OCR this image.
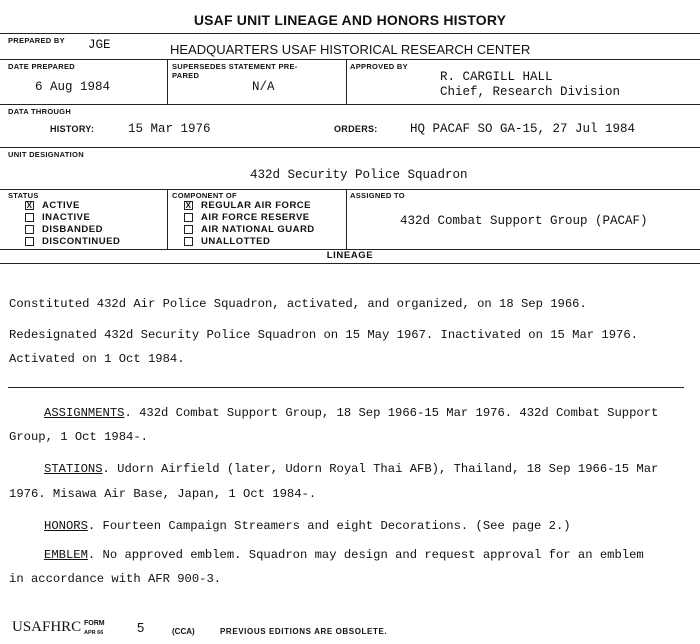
USAF UNIT LINEAGE AND HONORS HISTORY
PREPARED BY JGE	HEADQUARTERS USAF HISTORICAL RESEARCH CENTER
DATE PREPARED
6 Aug 1984
SUPERSEDES STATEMENT PRE-
PARED
N/A
APPROVED BY
R. CARGILL HALL
Chief, Research Division
DATA THROUGH
HISTORY:	15 Mar 1976	ORDERS:	HQ PACAF SO GA-15, 27 Jul 1984
UNIT DESIGNATION
432d Security Police Squadron
STATUS
X ACTIVE
INACTIVE
DISBANDED
DISCONTINUED
COMPONENT OF
X REGULAR AIR FORCE
AIR FORCE RESERVE
AIR NATIONAL GUARD
UNALLOTTED
ASSIGNED TO
432d Combat Support Group (PACAF)
LINEAGE
Constituted 432d Air Police Squadron, activated, and organized, on 18 Sep 1966.
Redesignated 432d Security Police Squadron on 15 May 1967. Inactivated on 15 Mar 1976.
Activated on 1 Oct 1984.
ASSIGNMENTS. 432d Combat Support Group, 18 Sep 1966-15 Mar 1976. 432d Combat Support
Group, 1 Oct 1984-.
STATIONS. Udorn Airfield (later, Udorn Royal Thai AFB), Thailand, 18 Sep 1966-15 Mar
1976. Misawa Air Base, Japan, 1 Oct 1984-.
HONORS. Fourteen Campaign Streamers and eight Decorations. (See page 2.)
EMBLEM. No approved emblem. Squadron may design and request approval for an emblem
in accordance with AFR 900-3.
USAFHRC FORM
APR 66	5	(CCA)	PREVIOUS EDITIONS ARE OBSOLETE.
